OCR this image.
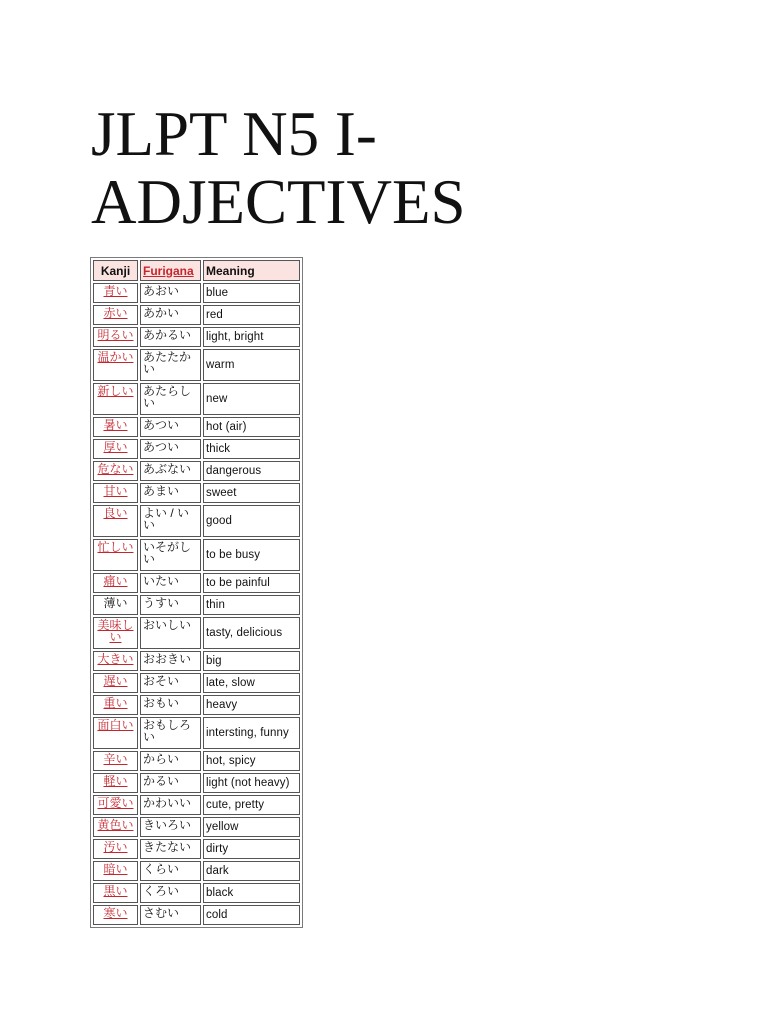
JLPT N5 I-ADJECTIVES
Kanji	Furigana	Meaning
青い	あおい	blue
赤い	あかい	red
明るい	あかるい	light, bright
温かい	あたたかい	warm
新しい	あたらしい	new
暑い	あつい	hot (air)
厚い	あつい	thick
危ない	あぶない	dangerous
甘い	あまい	sweet
良い	よい / いい	good
忙しい	いそがしい	to be busy
痛い	いたい	to be painful
薄い	うすい	thin
美味しい	おいしい	tasty, delicious
大きい	おおきい	big
遅い	おそい	late, slow
重い	おもい	heavy
面白い	おもしろい	intersting, funny
辛い	からい	hot, spicy
軽い	かるい	light (not heavy)
可愛い	かわいい	cute, pretty
黄色い	きいろい	yellow
汚い	きたない	dirty
暗い	くらい	dark
黒い	くろい	black
寒い	さむい	cold
